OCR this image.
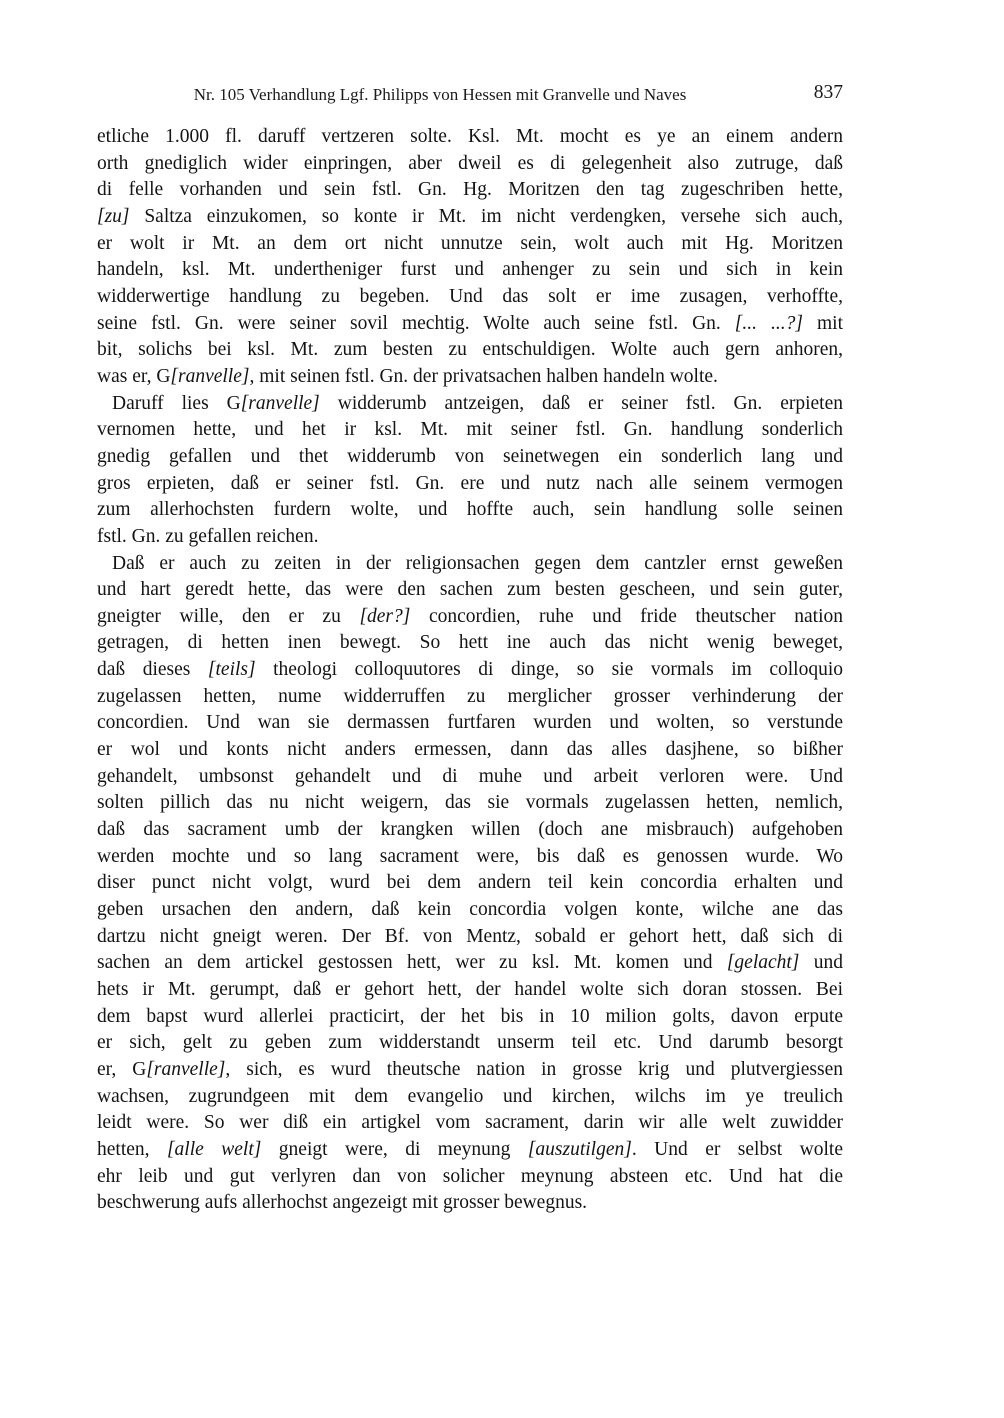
Nr. 105 Verhandlung Lgf. Philipps von Hessen mit Granvelle und Naves	837
etliche 1.000 fl. daruff vertzeren solte. Ksl. Mt. mocht es ye an einem andern
orth gnediglich wider einpringen, aber dweil es di gelegenheit also zutruge, daß
di felle vorhanden und sein fstl. Gn. Hg. Moritzen den tag zugeschriben hette,
[zu] Saltza einzukomen, so konte ir Mt. im nicht verdengken, versehe sich auch,
er wolt ir Mt. an dem ort nicht unnutze sein, wolt auch mit Hg. Moritzen
handeln, ksl. Mt. undertheniger furst und anhenger zu sein und sich in kein
widderwertige handlung zu begeben. Und das solt er ime zusagen, verhoffte,
seine fstl. Gn. were seiner sovil mechtig. Wolte auch seine fstl. Gn. [... ...?] mit
bit, solichs bei ksl. Mt. zum besten zu entschuldigen. Wolte auch gern anhoren,
was er, G[ranvelle], mit seinen fstl. Gn. der privatsachen halben handeln wolte.
Daruff lies G[ranvelle] widderumb antzeigen, daß er seiner fstl. Gn. erpieten
vernomen hette, und het ir ksl. Mt. mit seiner fstl. Gn. handlung sonderlich
gnedig gefallen und thet widderumb von seinetwegen ein sonderlich lang und
gros erpieten, daß er seiner fstl. Gn. ere und nutz nach alle seinem vermogen
zum allerhochsten furdern wolte, und hoffte auch, sein handlung solle seinen
fstl. Gn. zu gefallen reichen.
Daß er auch zu zeiten in der religionsachen gegen dem cantzler ernst geweßen
und hart geredt hette, das were den sachen zum besten gescheen, und sein guter,
gneigter wille, den er zu [der?] concordien, ruhe und fride theutscher nation
getragen, di hetten inen bewegt. So hett ine auch das nicht wenig beweget,
daß dieses [teils] theologi colloquutores di dinge, so sie vormals im colloquio
zugelassen hetten, nume widderruffen zu merglicher grosser verhinderung der
concordien. Und wan sie dermassen furtfaren wurden und wolten, so verstunde
er wol und konts nicht anders ermessen, dann das alles dasjhene, so bißher
gehandelt, umbsonst gehandelt und di muhe und arbeit verloren were. Und
solten pillich das nu nicht weigern, das sie vormals zugelassen hetten, nemlich,
daß das sacrament umb der krangken willen (doch ane misbrauch) aufgehoben
werden mochte und so lang sacrament were, bis daß es genossen wurde. Wo
diser punct nicht volgt, wurd bei dem andern teil kein concordia erhalten und
geben ursachen den andern, daß kein concordia volgen konte, wilche ane das
dartzu nicht gneigt weren. Der Bf. von Mentz, sobald er gehort hett, daß sich di
sachen an dem artickel gestossen hett, wer zu ksl. Mt. komen und [gelacht] und
hets ir Mt. gerumpt, daß er gehort hett, der handel wolte sich doran stossen. Bei
dem bapst wurd allerlei practicirt, der het bis in 10 milion golts, davon erpute
er sich, gelt zu geben zum widderstandt unserm teil etc. Und darumb besorgt
er, G[ranvelle], sich, es wurd theutsche nation in grosse krig und plutvergiessen
wachsen, zugrundgeen mit dem evangelio und kirchen, wilchs im ye treulich
leidt were. So wer diß ein artigkel vom sacrament, darin wir alle welt zuwidder
hetten, [alle welt] gneigt were, di meynung [auszutilgen]. Und er selbst wolte
ehr leib und gut verlyren dan von solicher meynung absteen etc. Und hat die
beschwerung aufs allerhochst angezeigt mit grosser bewegnus.
